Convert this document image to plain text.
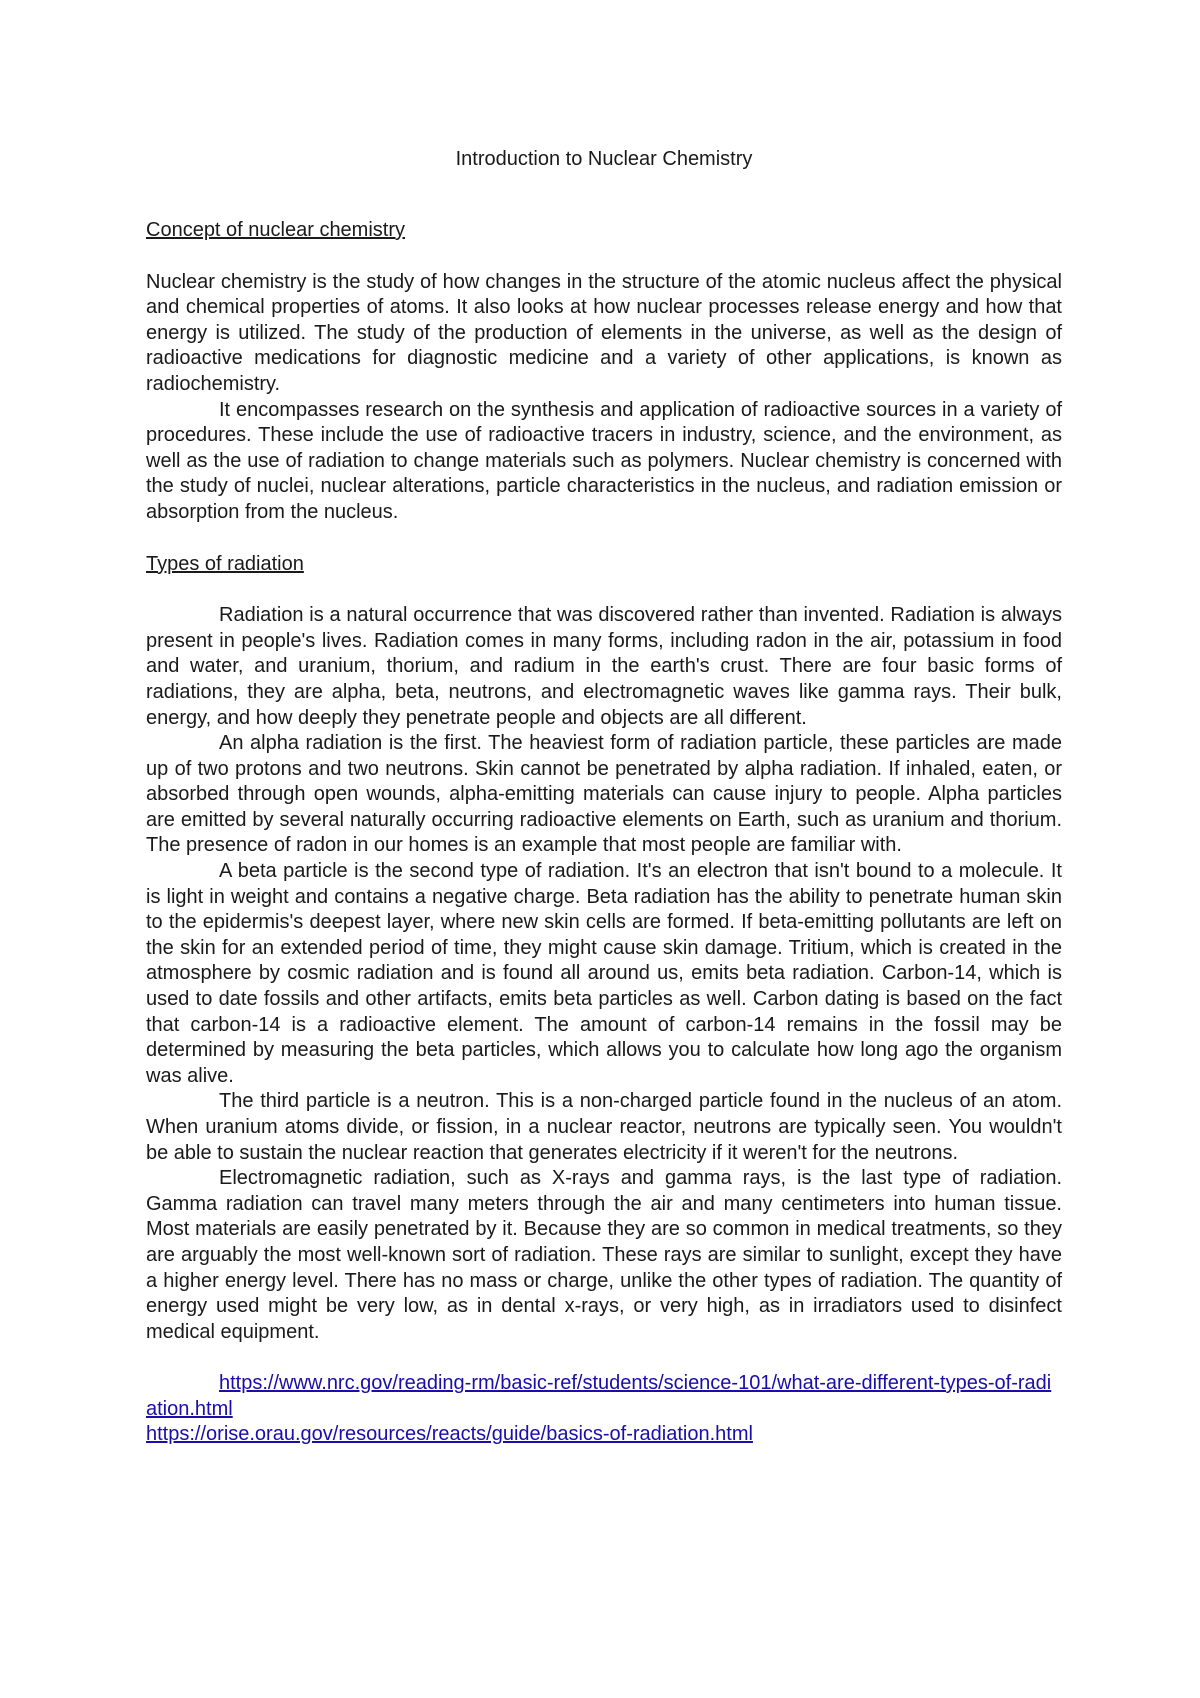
Introduction to Nuclear Chemistry
Concept of nuclear chemistry

Nuclear chemistry is the study of how changes in the structure of the atomic nucleus affect the physical and chemical properties of atoms. It also looks at how nuclear processes release energy and how that energy is utilized. The study of the production of elements in the universe, as well as the design of radioactive medications for diagnostic medicine and a variety of other applications, is known as radiochemistry.

It encompasses research on the synthesis and application of radioactive sources in a variety of procedures. These include the use of radioactive tracers in industry, science, and the environment, as well as the use of radiation to change materials such as polymers. Nuclear chemistry is concerned with the study of nuclei, nuclear alterations, particle characteristics in the nucleus, and radiation emission or absorption from the nucleus.

Types of radiation

Radiation is a natural occurrence that was discovered rather than invented. Radiation is always present in people's lives. Radiation comes in many forms, including radon in the air, potassium in food and water, and uranium, thorium, and radium in the earth's crust. There are four basic forms of radiations, they are alpha, beta, neutrons, and electromagnetic waves like gamma rays. Their bulk, energy, and how deeply they penetrate people and objects are all different.

An alpha radiation is the first. The heaviest form of radiation particle, these particles are made up of two protons and two neutrons. Skin cannot be penetrated by alpha radiation. If inhaled, eaten, or absorbed through open wounds, alpha-emitting materials can cause injury to people. Alpha particles are emitted by several naturally occurring radioactive elements on Earth, such as uranium and thorium. The presence of radon in our homes is an example that most people are familiar with.

A beta particle is the second type of radiation. It's an electron that isn't bound to a molecule. It is light in weight and contains a negative charge. Beta radiation has the ability to penetrate human skin to the epidermis's deepest layer, where new skin cells are formed. If beta-emitting pollutants are left on the skin for an extended period of time, they might cause skin damage. Tritium, which is created in the atmosphere by cosmic radiation and is found all around us, emits beta radiation. Carbon-14, which is used to date fossils and other artifacts, emits beta particles as well. Carbon dating is based on the fact that carbon-14 is a radioactive element. The amount of carbon-14 remains in the fossil may be determined by measuring the beta particles, which allows you to calculate how long ago the organism was alive.

The third particle is a neutron. This is a non-charged particle found in the nucleus of an atom. When uranium atoms divide, or fission, in a nuclear reactor, neutrons are typically seen. You wouldn't be able to sustain the nuclear reaction that generates electricity if it weren't for the neutrons.

Electromagnetic radiation, such as X-rays and gamma rays, is the last type of radiation. Gamma radiation can travel many meters through the air and many centimeters into human tissue. Most materials are easily penetrated by it. Because they are so common in medical treatments, so they are arguably the most well-known sort of radiation. These rays are similar to sunlight, except they have a higher energy level. There has no mass or charge, unlike the other types of radiation. The quantity of energy used might be very low, as in dental x-rays, or very high, as in irradiators used to disinfect medical equipment.

https://www.nrc.gov/reading-rm/basic-ref/students/science-101/what-are-different-types-of-radiation.html
https://orise.orau.gov/resources/reacts/guide/basics-of-radiation.html
